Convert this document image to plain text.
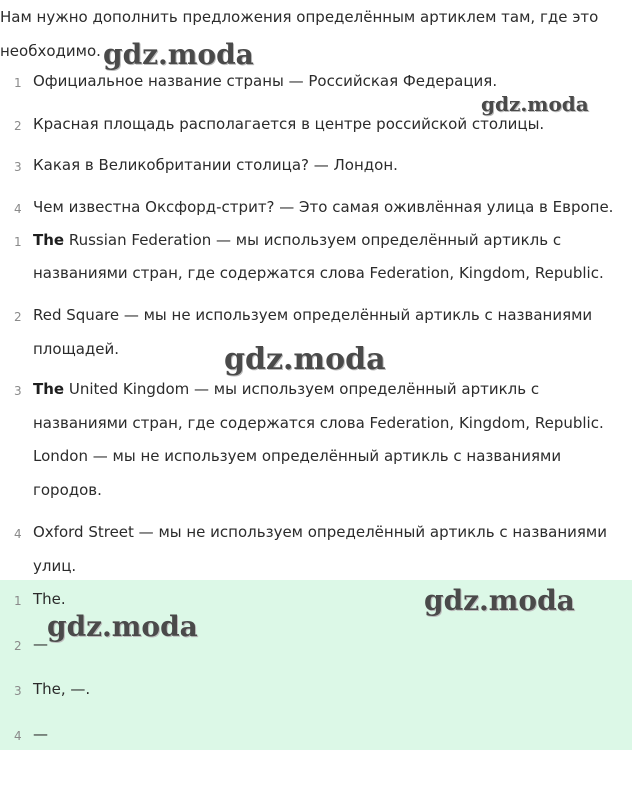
Нам нужно дополнить предложения определённым артиклем там, где это
необходимо.
1 Официальное название страны — Российская Федерация.
2 Красная площадь располагается в центре российской столицы.
3 Какая в Великобритании столица? — Лондон.
4 Чем известна Оксфорд-стрит? — Это самая оживлённая улица в Европе.
1 The Russian Federation — мы используем определённый артикль с
названиями стран, где содержатся слова Federation, Kingdom, Republic.
2 Red Square — мы не используем определённый артикль с названиями
площадей.
3 The United Kingdom — мы используем определённый артикль с
названиями стран, где содержатся слова Federation, Kingdom, Republic.
London — мы не используем определённый артикль с названиями
городов.
4 Oxford Street — мы не используем определённый артикль с названиями
улиц.
1 The.
2 —
3 The, —.
4 —
gdz.moda
gdz.moda
gdz.moda
gdz.moda
gdz.moda
